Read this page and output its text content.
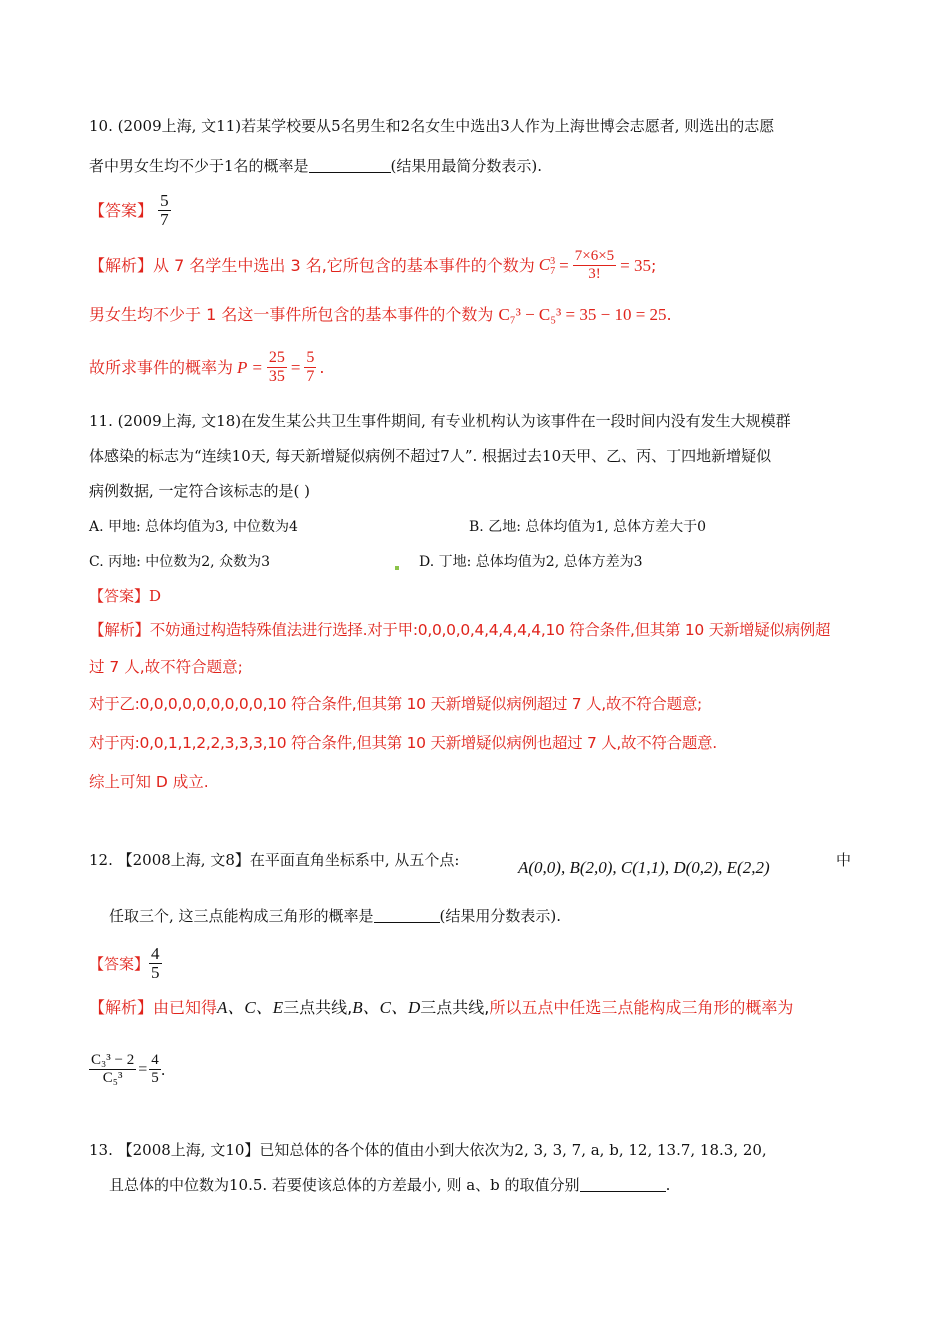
10. (2009上海, 文11)若某学校要从5名男生和2名女生中选出3人作为上海世博会志愿者, 则选出的志愿
者中男女生均不少于1名的概率是	(结果用最简分数表示).
【答案】 $\frac{5}{7}$
【解析】从 7 名学生中选出 3 名,它所包含的基本事件的个数为 C 3
$7 = \frac{7\times 6\times 5}{3!} = 35$ ;
男女生均不少于 1 名这一事件所包含的基本事件的个数为 C₇³ − C₅³ = 35 − 10 = 25.
故所求事件的概率为 $P = \frac{25}{35} = \frac{5}{7}$ .
11. (2009上海, 文18)在发生某公共卫生事件期间, 有专业机构认为该事件在一段时间内没有发生大规模群
体感染的标志为“连续10天, 每天新增疑似病例不超过7人”. 根据过去10天甲、乙、丙、丁四地新增疑似
病例数据, 一定符合该标志的是( )
A. 甲地: 总体均值为3, 中位数为4	B. 乙地: 总体均值为1, 总体方差大于0
C. 丙地: 中位数为2, 众数为3	D. 丁地: 总体均值为2, 总体方差为3
【答案】D
【解析】不妨通过构造特殊值法进行选择.对于甲:0,0,0,0,4,4,4,4,4,10 符合条件,但其第 10 天新增疑似病例超
过 7 人,故不符合题意;
对于乙:0,0,0,0,0,0,0,0,0,10 符合条件,但其第 10 天新增疑似病例超过 7 人,故不符合题意;
对于丙:0,0,1,1,2,2,3,3,3,10 符合条件,但其第 10 天新增疑似病例也超过 7 人,故不符合题意.
综上可知 D 成立.
12. 【2008上海, 文8】在平面直角坐标系中, 从五个点:	A(0,0), B(2,0), C(1,1), D(0,2), E(2,2)	中
任取三个, 这三点能构成三角形的概率是	(结果用分数表示).
【答案】 $\frac{4}{5}$
【解析】由已知得A、C、E三点共线,B、C、D三点共线,所以五点中任选三点能构成三角形的概率为
$\frac{\text{C₃³ − 2}}{\text{C₅³}} = \frac{4}{5}$ .
13. 【2008上海, 文10】已知总体的各个体的值由小到大依次为2, 3, 3, 7, a, b, 12, 13.7, 18.3, 20,
且总体的中位数为10.5. 若要使该总体的方差最小, 则 a、b 的取值分别	.
